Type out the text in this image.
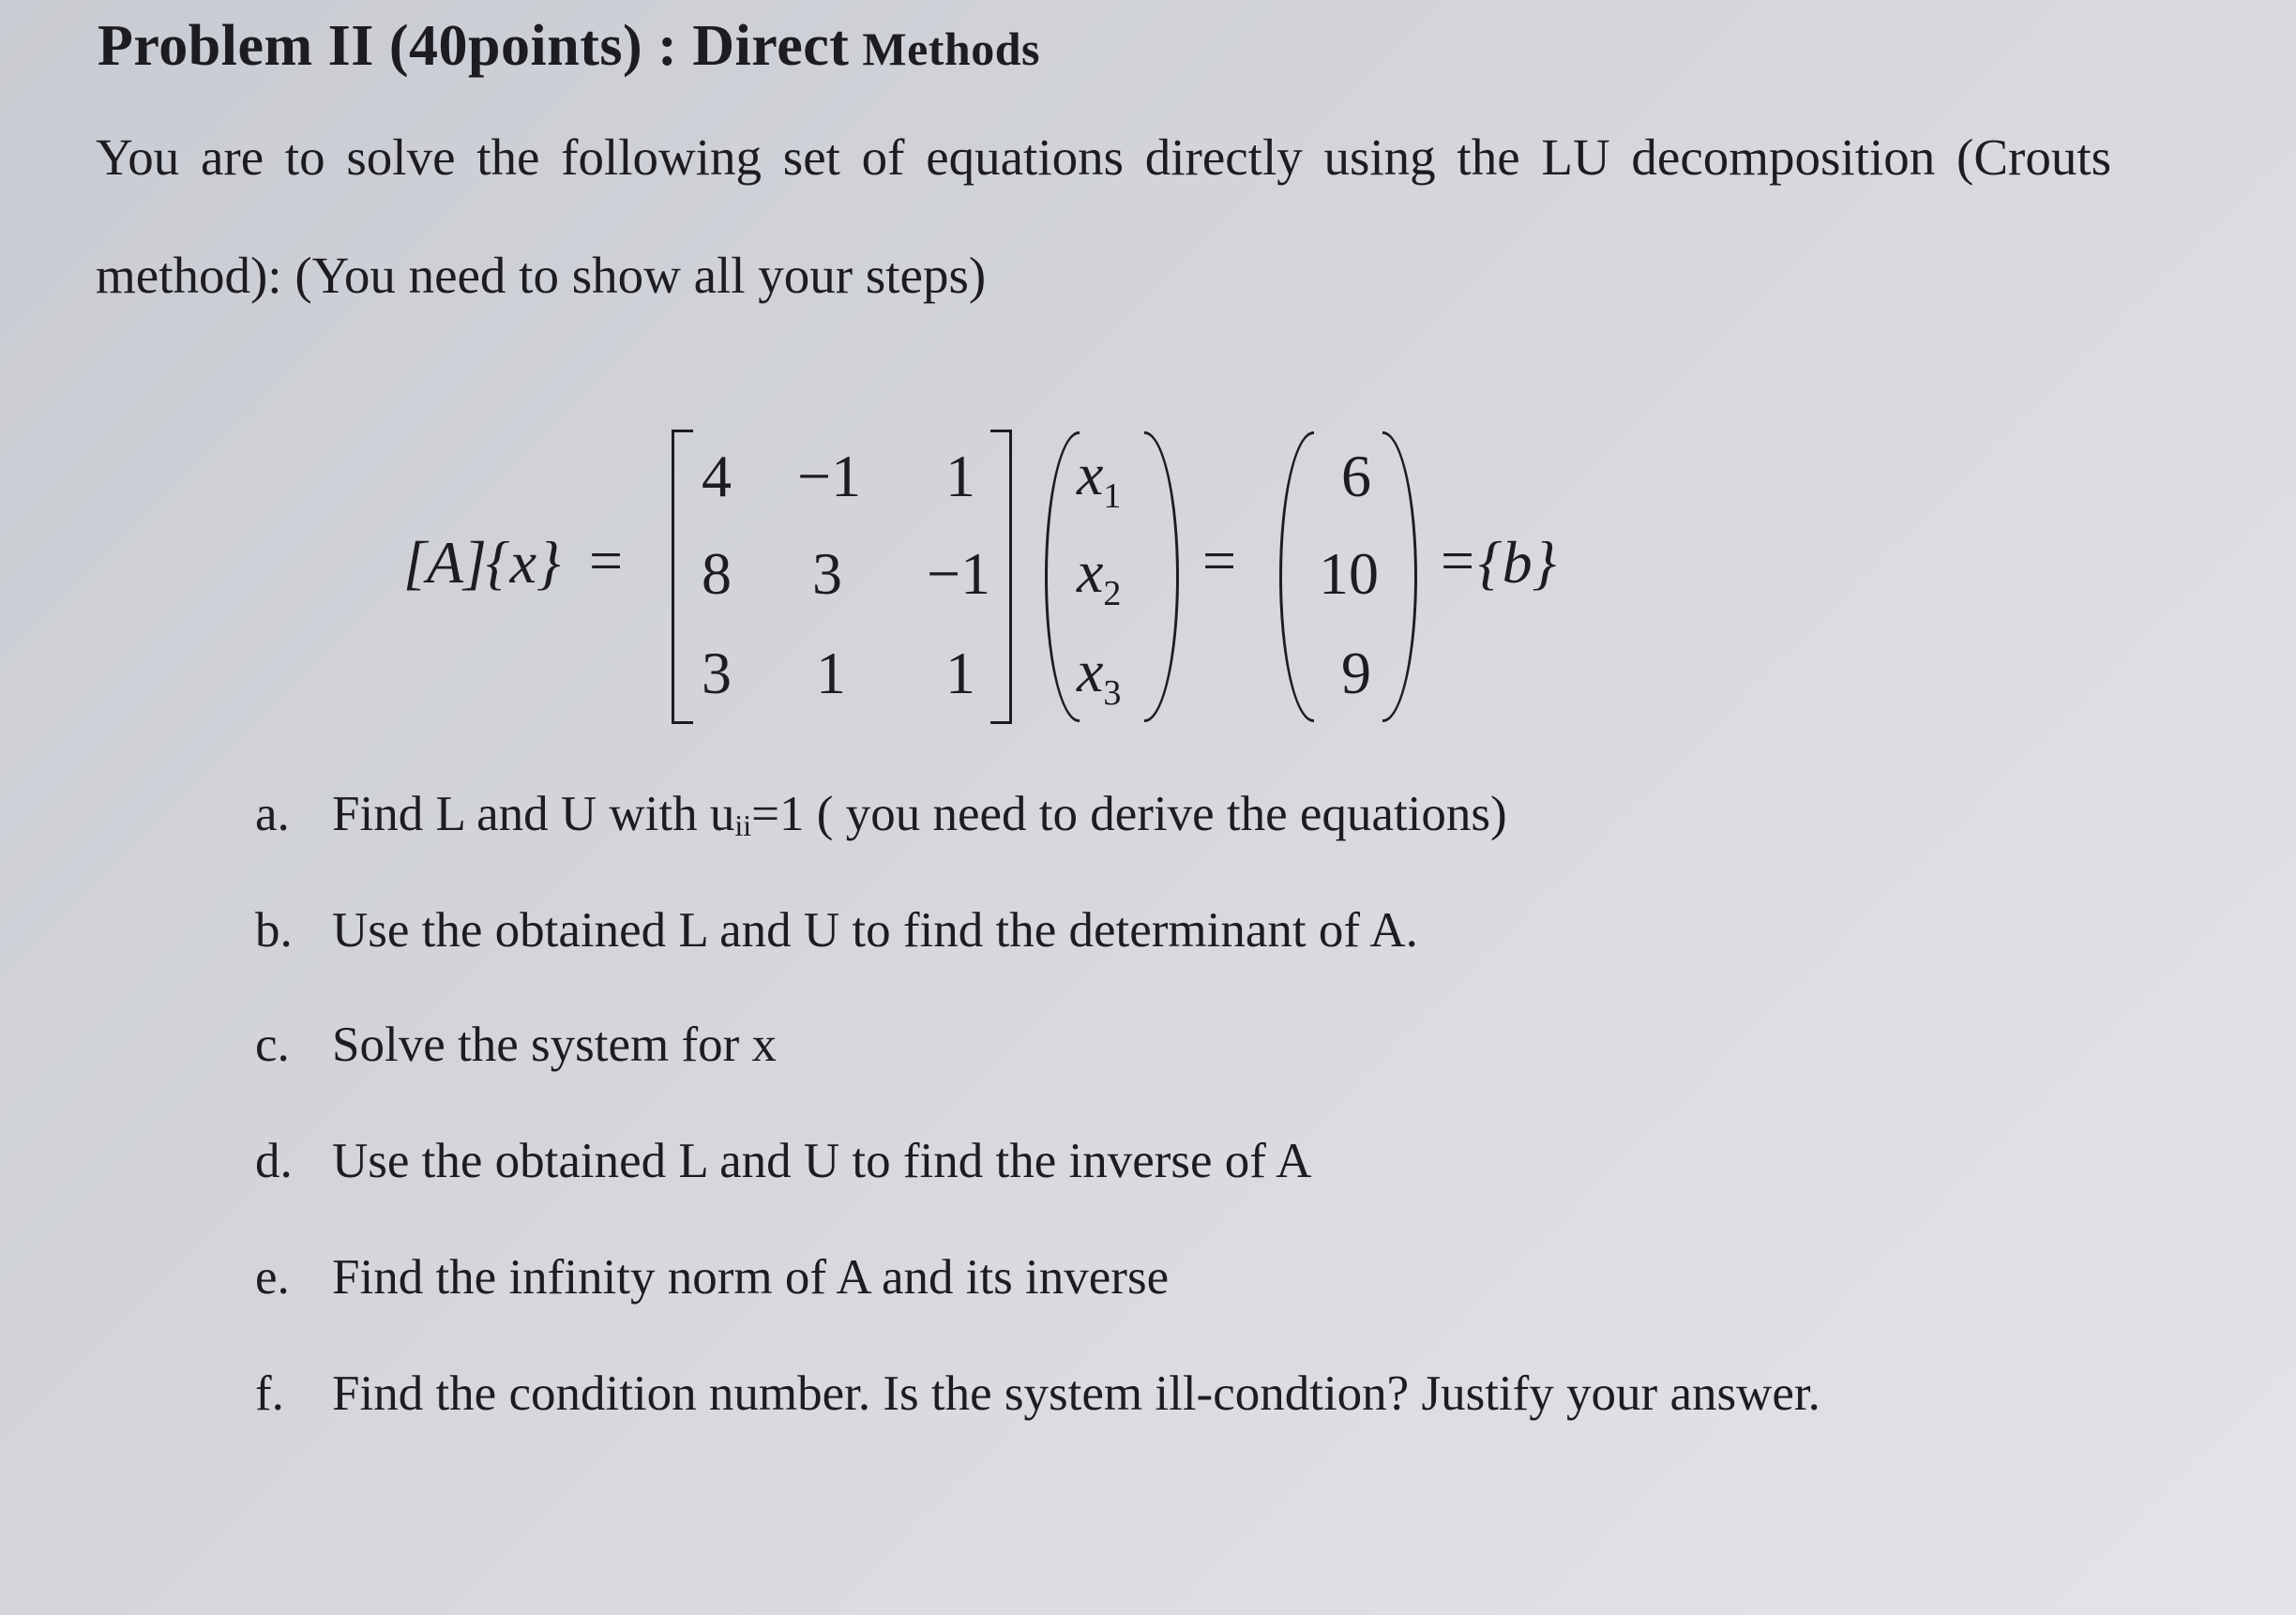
Problem II (40points) : Direct Methods
You are to solve the following set of equations directly using the LU decomposition (Crouts
method): (You need to show all your steps)
[A] {x} =
4 −1 1
8 3 −1
3 1 1
$x_1$
$x_2$
$x_3$
=
6
10
9
= {b}
a. Find L and U with uii=1 ( you need to derive the equations)
b. Use the obtained L and U to find the determinant of A.
c. Solve the system for x
d. Use the obtained L and U to find the inverse of A
e. Find the infinity norm of A and its inverse
f. Find the condition number. Is the system ill-condtion? Justify your answer.
